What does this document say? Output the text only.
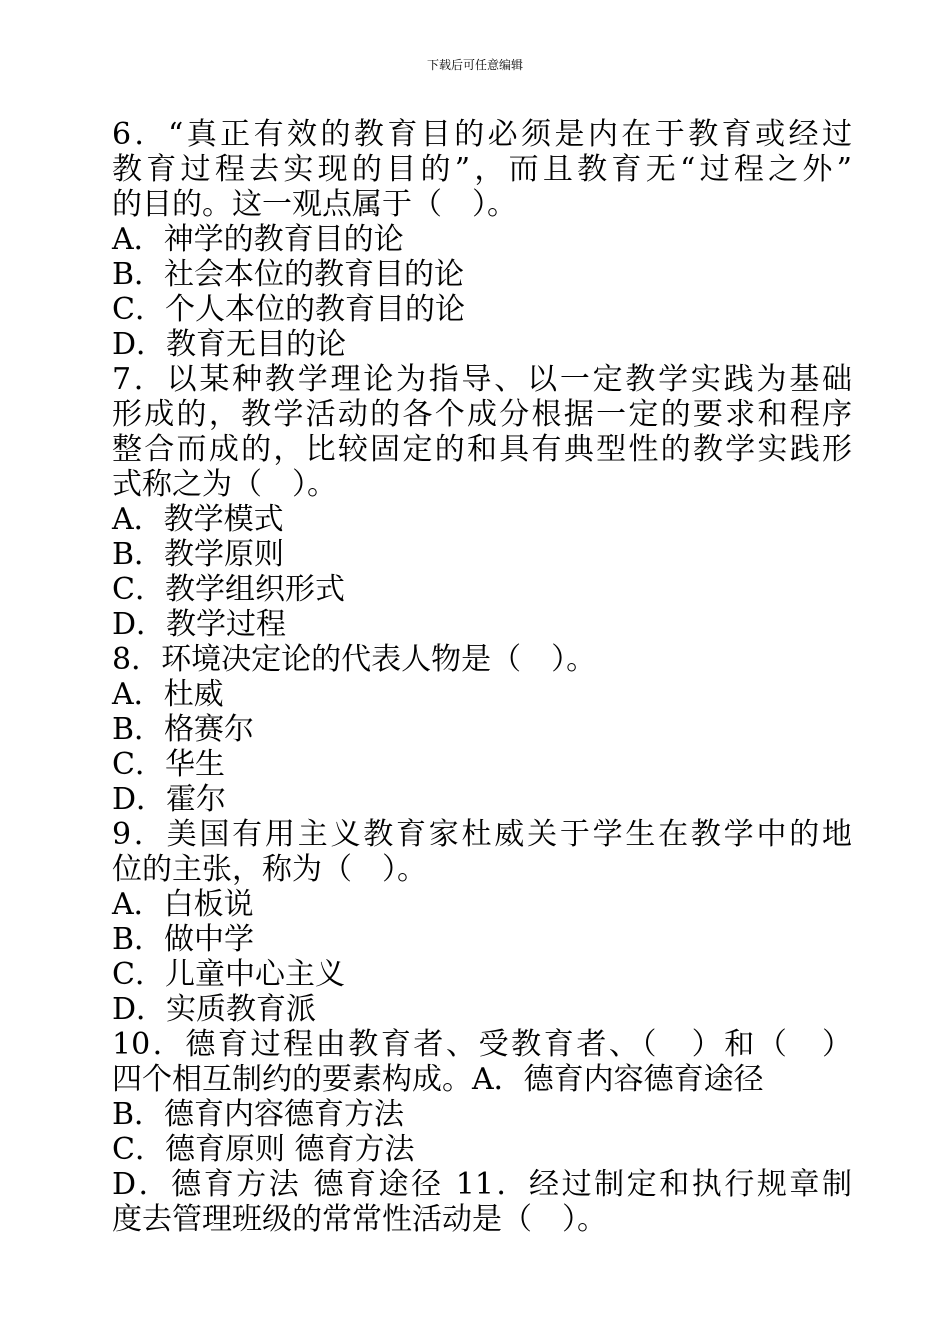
下载后可任意编辑
6．“真正有效的教育目的必须是内在于教育或经过
教育过程去实现的目的”，而且教育无“过程之外”
的目的。这一观点属于（　）。
A．神学的教育目的论
B．社会本位的教育目的论
C．个人本位的教育目的论
D．教育无目的论
7．以某种教学理论为指导、以一定教学实践为基础
形成的，教学活动的各个成分根据一定的要求和程序
整合而成的，比较固定的和具有典型性的教学实践形
式称之为（　）。
A．教学模式
B．教学原则
C．教学组织形式
D．教学过程
8．环境决定论的代表人物是（　）。
A．杜威
B．格赛尔
C．华生
D．霍尔
9．美国有用主义教育家杜威关于学生在教学中的地
位的主张，称为（　）。
A．白板说
B．做中学
C．儿童中心主义
D．实质教育派
10．德育过程由教育者、受教育者、（　）和（　）
四个相互制约的要素构成。A．德育内容德育途径
B．德育内容德育方法
C．德育原则 德育方法
D．德育方法 德育途径 11．经过制定和执行规章制
度去管理班级的常常性活动是（　）。
